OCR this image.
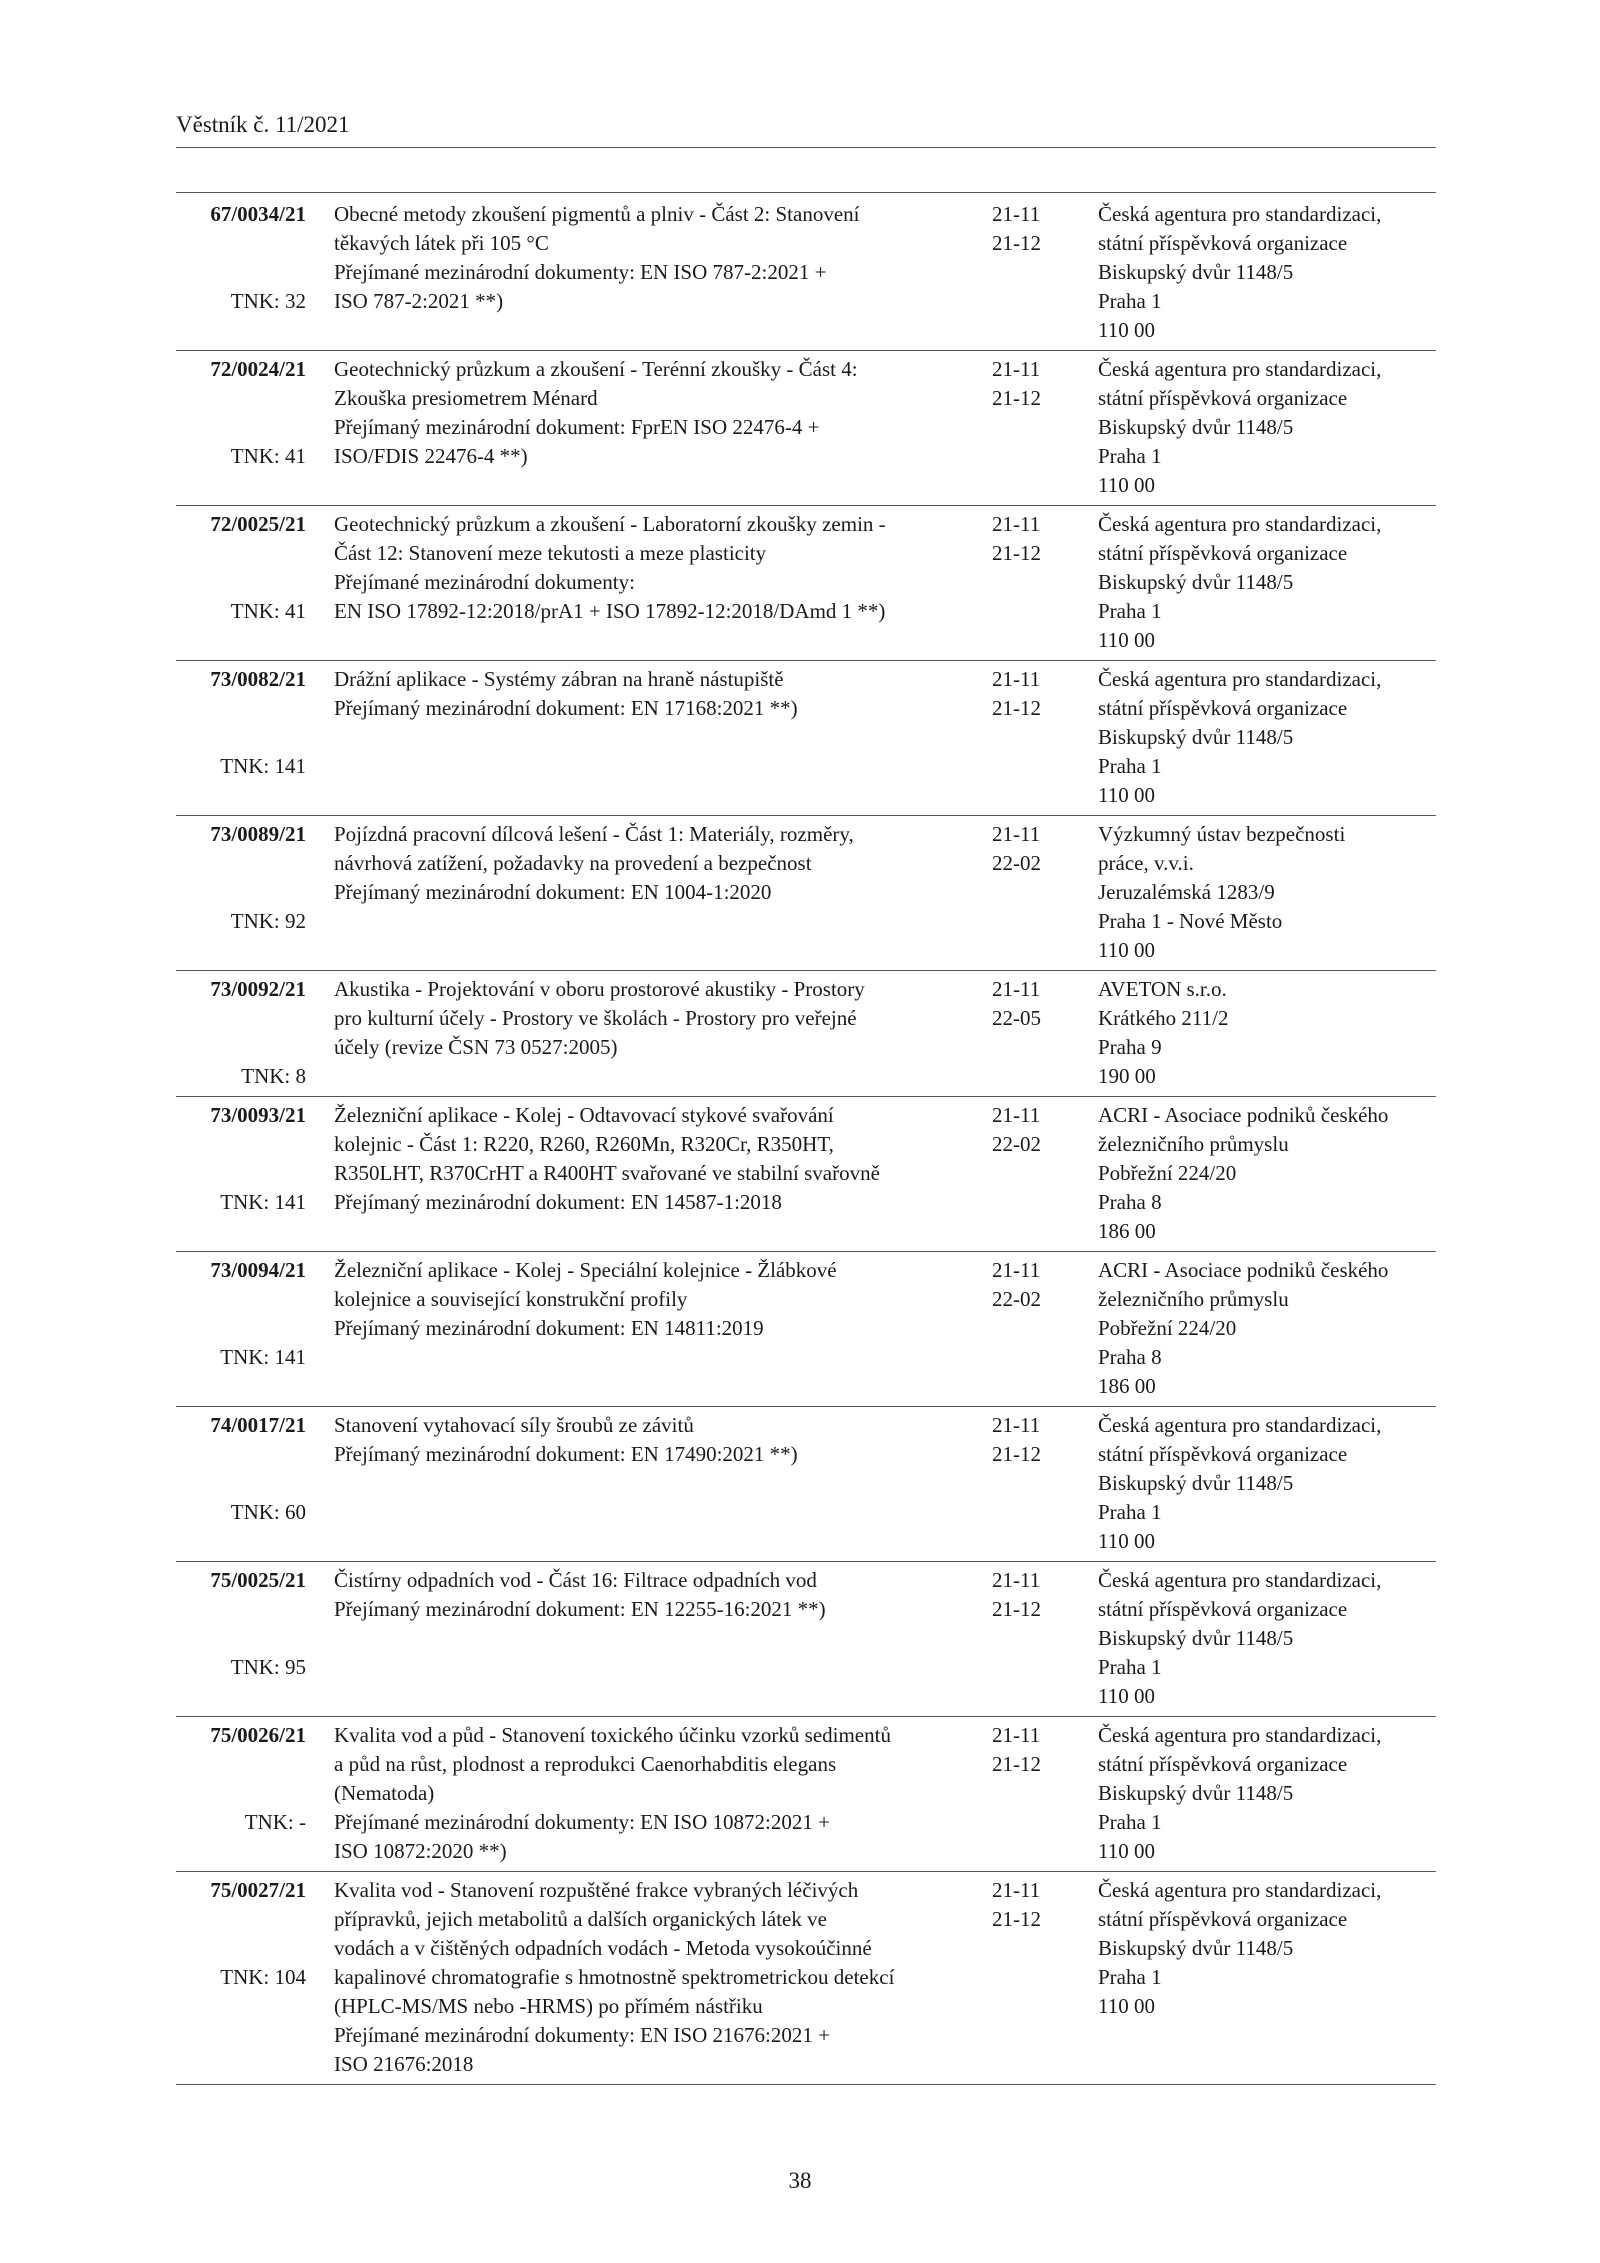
Věstník č. 11/2021
67/0034/21
TNK: 32
Obecné metody zkoušení pigmentů a plniv - Část 2: Stanovení
těkavých látek při 105 °C
Přejímané mezinárodní dokumenty: EN ISO 787-2:2021 +
ISO 787-2:2021 **)
21-11
21-12
Česká agentura pro standardizaci,
státní příspěvková organizace
Biskupský dvůr 1148/5
Praha 1
110 00
72/0024/21
TNK: 41
Geotechnický průzkum a zkoušení - Terénní zkoušky - Část 4:
Zkouška presiometrem Ménard
Přejímaný mezinárodní dokument: FprEN ISO 22476-4 +
ISO/FDIS 22476-4 **)
21-11
21-12
Česká agentura pro standardizaci,
státní příspěvková organizace
Biskupský dvůr 1148/5
Praha 1
110 00
72/0025/21
TNK: 41
Geotechnický průzkum a zkoušení - Laboratorní zkoušky zemin -
Část 12: Stanovení meze tekutosti a meze plasticity
Přejímané mezinárodní dokumenty:
EN ISO 17892-12:2018/prA1 + ISO 17892-12:2018/DAmd 1 **)
21-11
21-12
Česká agentura pro standardizaci,
státní příspěvková organizace
Biskupský dvůr 1148/5
Praha 1
110 00
73/0082/21
TNK: 141
Drážní aplikace - Systémy zábran na hraně nástupiště
Přejímaný mezinárodní dokument: EN 17168:2021 **)
21-11
21-12
Česká agentura pro standardizaci,
státní příspěvková organizace
Biskupský dvůr 1148/5
Praha 1
110 00
73/0089/21
TNK: 92
Pojízdná pracovní dílcová lešení - Část 1: Materiály, rozměry,
návrhová zatížení, požadavky na provedení a bezpečnost
Přejímaný mezinárodní dokument: EN 1004-1:2020
21-11
22-02
Výzkumný ústav bezpečnosti
práce, v.v.i.
Jeruzalémská 1283/9
Praha 1 - Nové Město
110 00
73/0092/21
TNK: 8
Akustika - Projektování v oboru prostorové akustiky - Prostory
pro kulturní účely - Prostory ve školách - Prostory pro veřejné
účely (revize ČSN 73 0527:2005)
21-11
22-05
AVETON s.r.o.
Krátkého 211/2
Praha 9
190 00
73/0093/21
TNK: 141
Železniční aplikace - Kolej - Odtavovací stykové svařování
kolejnic - Část 1: R220, R260, R260Mn, R320Cr, R350HT,
R350LHT, R370CrHT a R400HT svařované ve stabilní svařovně
Přejímaný mezinárodní dokument: EN 14587-1:2018
21-11
22-02
ACRI - Asociace podniků českého
železničního průmyslu
Pobřežní 224/20
Praha 8
186 00
73/0094/21
TNK: 141
Železniční aplikace - Kolej - Speciální kolejnice - Žlábkové
kolejnice a související konstrukční profily
Přejímaný mezinárodní dokument: EN 14811:2019
21-11
22-02
ACRI - Asociace podniků českého
železničního průmyslu
Pobřežní 224/20
Praha 8
186 00
74/0017/21
TNK: 60
Stanovení vytahovací síly šroubů ze závitů
Přejímaný mezinárodní dokument: EN 17490:2021 **)
21-11
21-12
Česká agentura pro standardizaci,
státní příspěvková organizace
Biskupský dvůr 1148/5
Praha 1
110 00
75/0025/21
TNK: 95
Čistírny odpadních vod - Část 16: Filtrace odpadních vod
Přejímaný mezinárodní dokument: EN 12255-16:2021 **)
21-11
21-12
Česká agentura pro standardizaci,
státní příspěvková organizace
Biskupský dvůr 1148/5
Praha 1
110 00
75/0026/21
TNK: -
Kvalita vod a půd - Stanovení toxického účinku vzorků sedimentů
a půd na růst, plodnost a reprodukci Caenorhabditis elegans
(Nematoda)
Přejímané mezinárodní dokumenty: EN ISO 10872:2021 +
ISO 10872:2020 **)
21-11
21-12
Česká agentura pro standardizaci,
státní příspěvková organizace
Biskupský dvůr 1148/5
Praha 1
110 00
75/0027/21
TNK: 104
Kvalita vod - Stanovení rozpuštěné frakce vybraných léčivých
přípravků, jejich metabolitů a dalších organických látek ve
vodách a v čištěných odpadních vodách - Metoda vysokoúčinné
kapalinové chromatografie s hmotnostně spektrometrickou detekcí
(HPLC-MS/MS nebo -HRMS) po přímém nástřiku
Přejímané mezinárodní dokumenty: EN ISO 21676:2021 +
ISO 21676:2018
21-11
21-12
Česká agentura pro standardizaci,
státní příspěvková organizace
Biskupský dvůr 1148/5
Praha 1
110 00
38
